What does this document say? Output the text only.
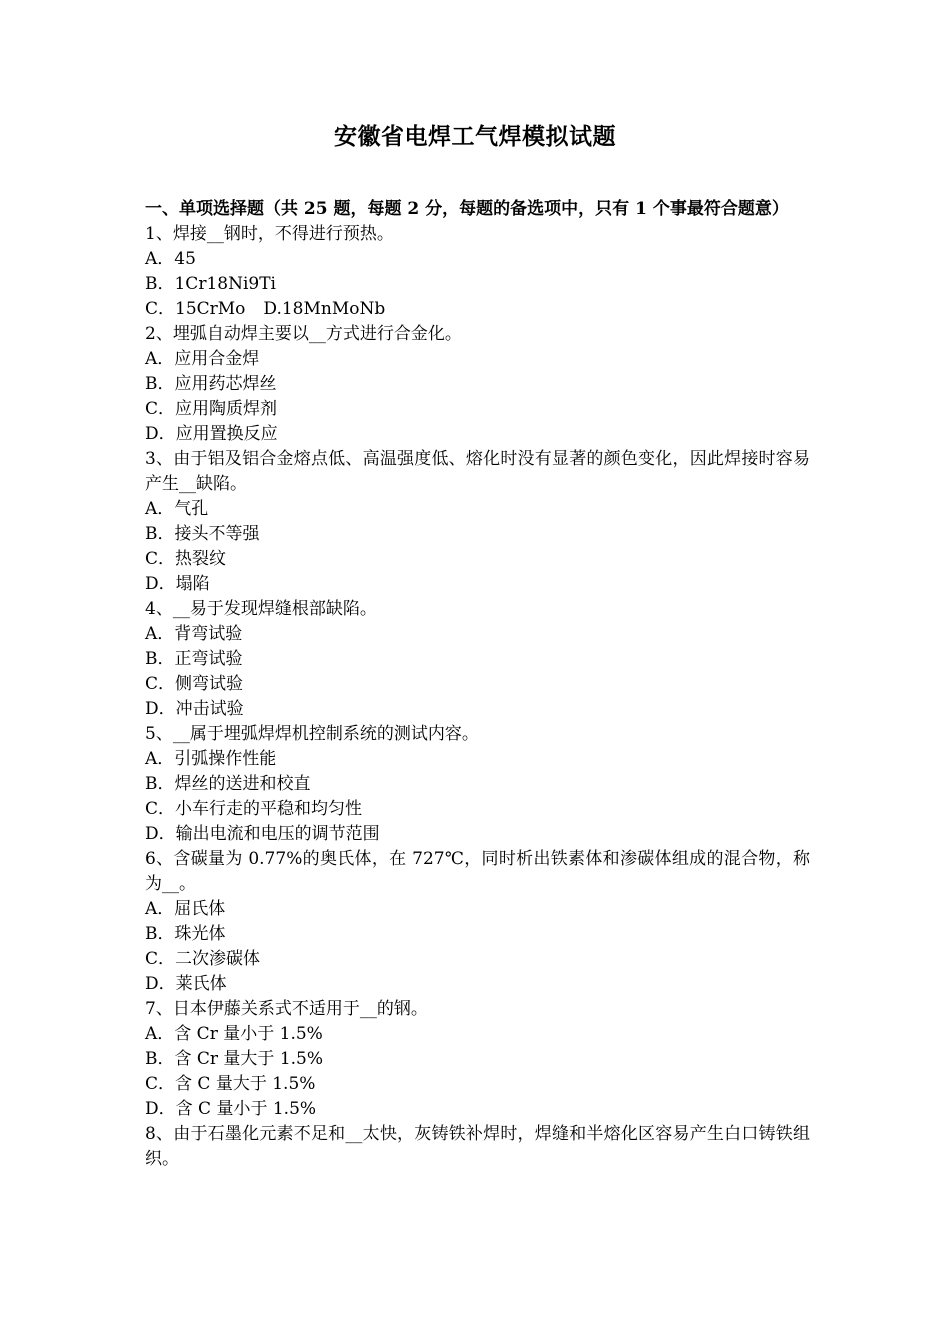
安徽省电焊工气焊模拟试题

一、单项选择题（共 25 题，每题 2 分，每题的备选项中，只有 1 个事最符合题意）

1、焊接__钢时，不得进行预热。

A．45

B．1Cr18Ni9Ti

C．15CrMo D.18MnMoNb

2、埋弧自动焊主要以__方式进行合金化。

A．应用合金焊

B．应用药芯焊丝

C．应用陶质焊剂

D．应用置换反应

3、由于铝及铝合金熔点低、高温强度低、熔化时没有显著的颜色变化，因此焊接时容易产生__缺陷。

A．气孔

B．接头不等强

C．热裂纹

D．塌陷

4、__易于发现焊缝根部缺陷。

A．背弯试验

B．正弯试验

C．侧弯试验

D．冲击试验

5、__属于埋弧焊焊机控制系统的测试内容。

A．引弧操作性能

B．焊丝的送进和校直

C．小车行走的平稳和均匀性

D．输出电流和电压的调节范围

6、含碳量为 0.77%的奥氏体，在 727℃，同时析出铁素体和渗碳体组成的混合物，称为__。

A．屈氏体

B．珠光体

C．二次渗碳体

D．莱氏体

7、日本伊藤关系式不适用于__的钢。

A．含 Cr 量小于 1.5%

B．含 Cr 量大于 1.5%

C．含 C 量大于 1.5%

D．含 C 量小于 1.5%

8、由于石墨化元素不足和__太快，灰铸铁补焊时，焊缝和半熔化区容易产生白口铸铁组织。
